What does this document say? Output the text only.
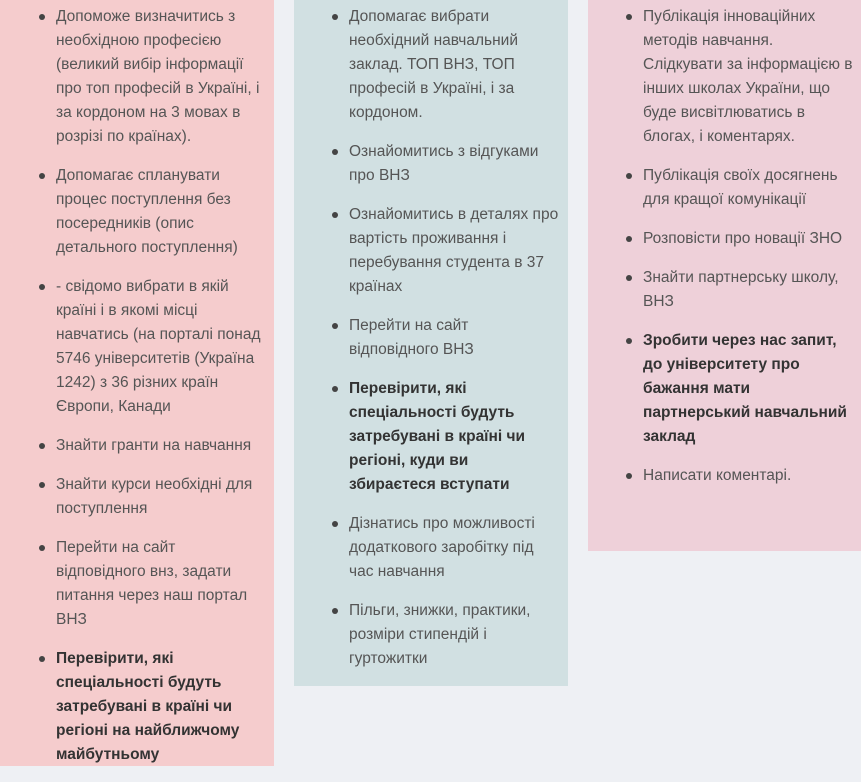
Допоможе визначитись з необхідною професією (великий вибір інформації про топ професій в Україні, і за кордоном на 3 мовах в розрізі по країнах).
Допомагає спланувати процес поступлення без посередників (опис детального поступлення)
- свідомо вибрати в якій країні і в якомі місці навчатись (на порталі понад 5746 університетів (Україна 1242) з 36 різних країн Європи, Канади
Знайти гранти на навчання
Знайти курси необхідні для поступлення
Перейти на сайт відповідного внз, задати питання через наш портал ВНЗ
Перевірити, які спеціальності будуть затребувані в країні чи регіоні на найближчому майбутньому
Допомагає вибрати необхідний навчальний заклад. ТОП ВНЗ, ТОП професій в Україні, і за кордоном.
Ознайомитись з відгуками про ВНЗ
Ознайомитись в деталях про вартість проживання і перебування студента в 37 країнах
Перейти на сайт відповідного ВНЗ
Перевірити, які спеціальності будуть затребувані в країні чи регіоні, куди ви збираєтеся вступати
Дізнатись про можливості додаткового заробітку під час навчання
Пільги, знижки, практики, розміри стипендій і гуртожитки
Публікація інноваційних методів навчання. Слідкувати за інформацією в інших школах України, що буде висвітлюватись в блогах, і коментарях.
Публікація своїх досягнень для кращої комунікації
Розповісти про новації ЗНО
Знайти партнерську школу, ВНЗ
Зробити через нас запит, до університету про бажання мати партнерський навчальний заклад
Написати коментарі.
